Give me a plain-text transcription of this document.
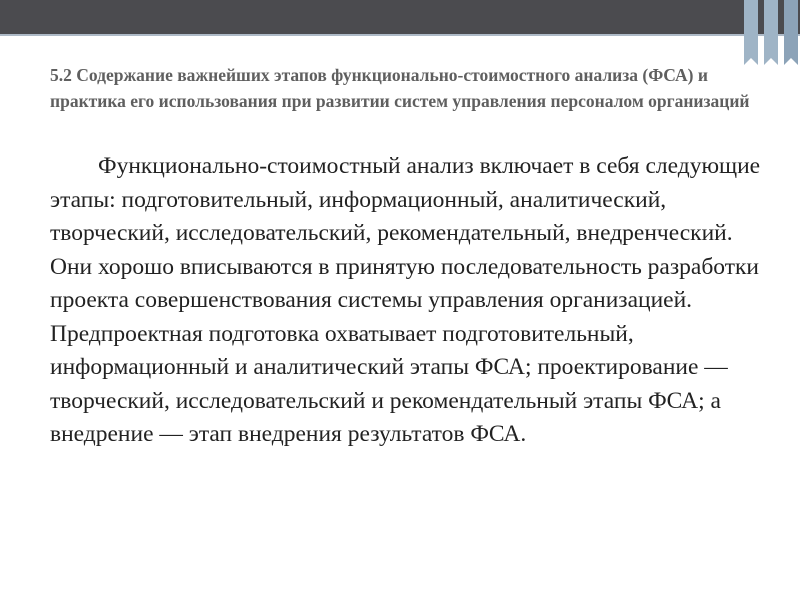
5.2 Содержание важнейших этапов функционально-стоимостного анализа (ФСА) и практика его использования при развитии систем управления персоналом организаций

Функционально-стоимостный анализ включает в себя следующие этапы: подготовительный, информационный, аналитический, творческий, исследовательский, рекомендательный, внедренческий. Они хорошо вписываются в принятую последовательность разработки проекта совершенствования системы управления организацией. Предпроектная подготовка охватывает подготовительный, информационный и аналитический этапы ФСА; проектирование — творческий, исследовательский и рекомендательный этапы ФСА; а внедрение — этап внедрения результатов ФСА.
